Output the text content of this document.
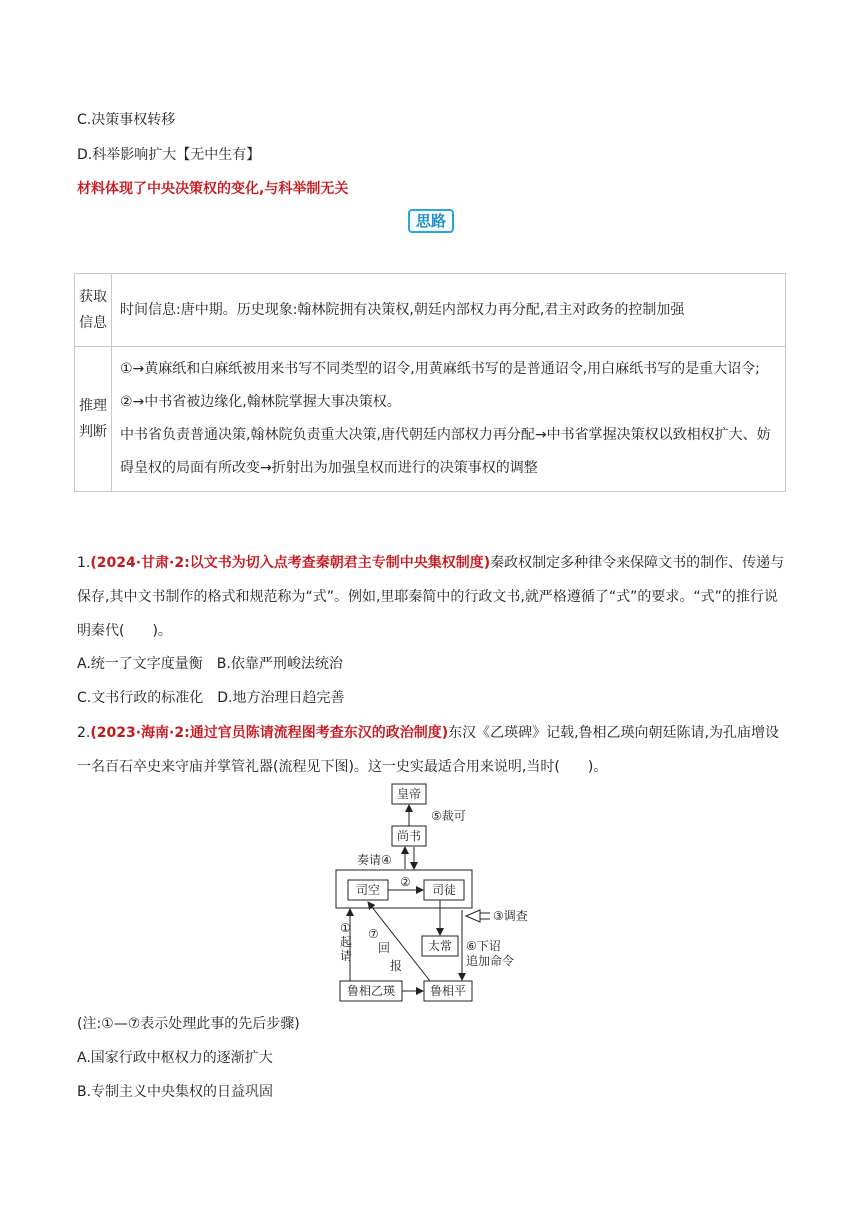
C.决策事权转移
D.科举影响扩大【无中生有】
材料体现了中央决策权的变化,与科举制无关
思路
获取信息	时间信息:唐中期。历史现象:翰林院拥有决策权,朝廷内部权力再分配,君主对政务的控制加强
推理判断	①→黄麻纸和白麻纸被用来书写不同类型的诏令,用黄麻纸书写的是普通诏令,用白麻纸书写的是重大诏令;
②→中书省被边缘化,翰林院掌握大事决策权。
中书省负责普通决策,翰林院负责重大决策,唐代朝廷内部权力再分配→中书省掌握决策权以致相权扩大、妨碍皇权的局面有所改变→折射出为加强皇权而进行的决策事权的调整
1.(2024·甘肃·2:以文书为切入点考查秦朝君主专制中央集权制度)秦政权制定多种律令来保障文书的制作、传递与保存,其中文书制作的格式和规范称为“式”。例如,里耶秦简中的行政文书,就严格遵循了“式”的要求。“式”的推行说明秦代(　　)。
A.统一了文字度量衡　B.依靠严刑峻法统治
C.文书行政的标准化　D.地方治理日趋完善
2.(2023·海南·2:通过官员陈请流程图考查东汉的政治制度)东汉《乙瑛碑》记载,鲁相乙瑛向朝廷陈请,为孔庙增设一名百石卒史来守庙并掌管礼器(流程见下图)。这一史实最适合用来说明,当时(　　)。
皇帝
尚书
司空	司徒
太常
鲁相乙瑛	鲁相平
⑤裁可
奏请④
②
③调查
①
起
请
⑦
回
报
⑥下诏
追加命令
(注:①—⑦表示处理此事的先后步骤)
A.国家行政中枢权力的逐渐扩大
B.专制主义中央集权的日益巩固
